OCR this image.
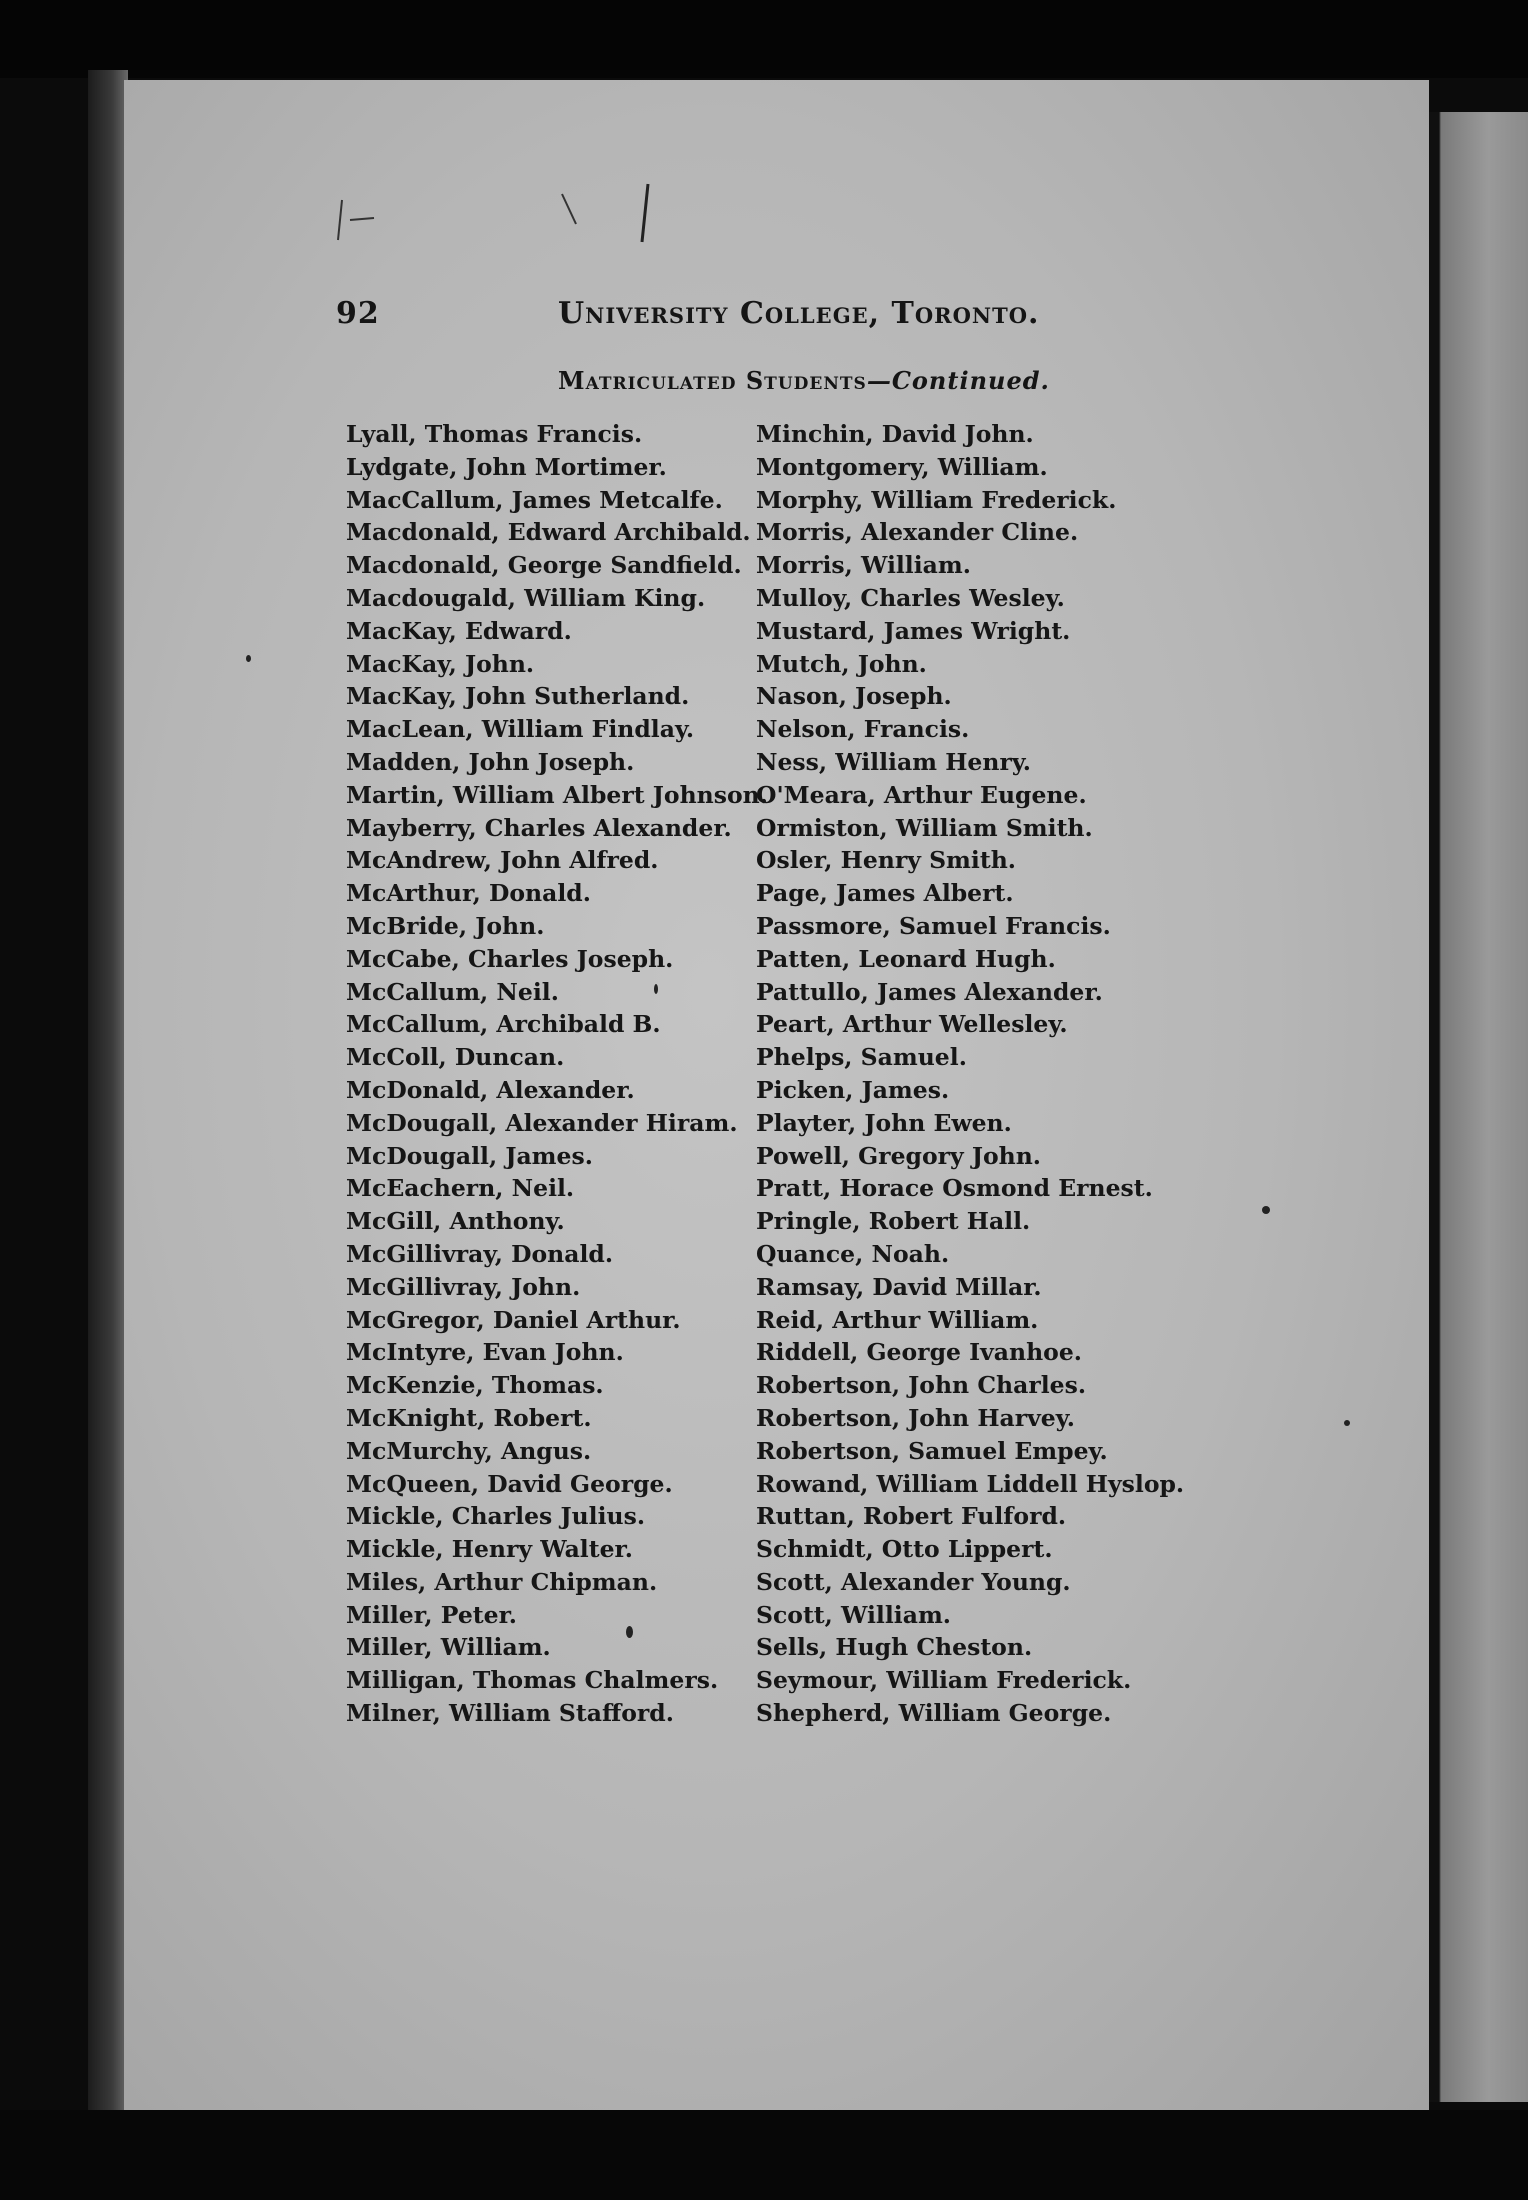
92	University College, Toronto.
Matriculated Students—Continued.
Lyall, Thomas Francis.
Lydgate, John Mortimer.
MacCallum, James Metcalfe.
Macdonald, Edward Archibald.
Macdonald, George Sandfield.
Macdougald, William King.
MacKay, Edward.
MacKay, John.
MacKay, John Sutherland.
MacLean, William Findlay.
Madden, John Joseph.
Martin, William Albert Johnson.
Mayberry, Charles Alexander.
McAndrew, John Alfred.
McArthur, Donald.
McBride, John.
McCabe, Charles Joseph.
McCallum, Neil.
McCallum, Archibald B.
McColl, Duncan.
McDonald, Alexander.
McDougall, Alexander Hiram.
McDougall, James.
McEachern, Neil.
McGill, Anthony.
McGillivray, Donald.
McGillivray, John.
McGregor, Daniel Arthur.
McIntyre, Evan John.
McKenzie, Thomas.
McKnight, Robert.
McMurchy, Angus.
McQueen, David George.
Mickle, Charles Julius.
Mickle, Henry Walter.
Miles, Arthur Chipman.
Miller, Peter.
Miller, William.
Milligan, Thomas Chalmers.
Milner, William Stafford.
Minchin, David John.
Montgomery, William.
Morphy, William Frederick.
Morris, Alexander Cline.
Morris, William.
Mulloy, Charles Wesley.
Mustard, James Wright.
Mutch, John.
Nason, Joseph.
Nelson, Francis.
Ness, William Henry.
O'Meara, Arthur Eugene.
Ormiston, William Smith.
Osler, Henry Smith.
Page, James Albert.
Passmore, Samuel Francis.
Patten, Leonard Hugh.
Pattullo, James Alexander.
Peart, Arthur Wellesley.
Phelps, Samuel.
Picken, James.
Playter, John Ewen.
Powell, Gregory John.
Pratt, Horace Osmond Ernest.
Pringle, Robert Hall.
Quance, Noah.
Ramsay, David Millar.
Reid, Arthur William.
Riddell, George Ivanhoe.
Robertson, John Charles.
Robertson, John Harvey.
Robertson, Samuel Empey.
Rowand, William Liddell Hyslop.
Ruttan, Robert Fulford.
Schmidt, Otto Lippert.
Scott, Alexander Young.
Scott, William.
Sells, Hugh Cheston.
Seymour, William Frederick.
Shepherd, William George.
